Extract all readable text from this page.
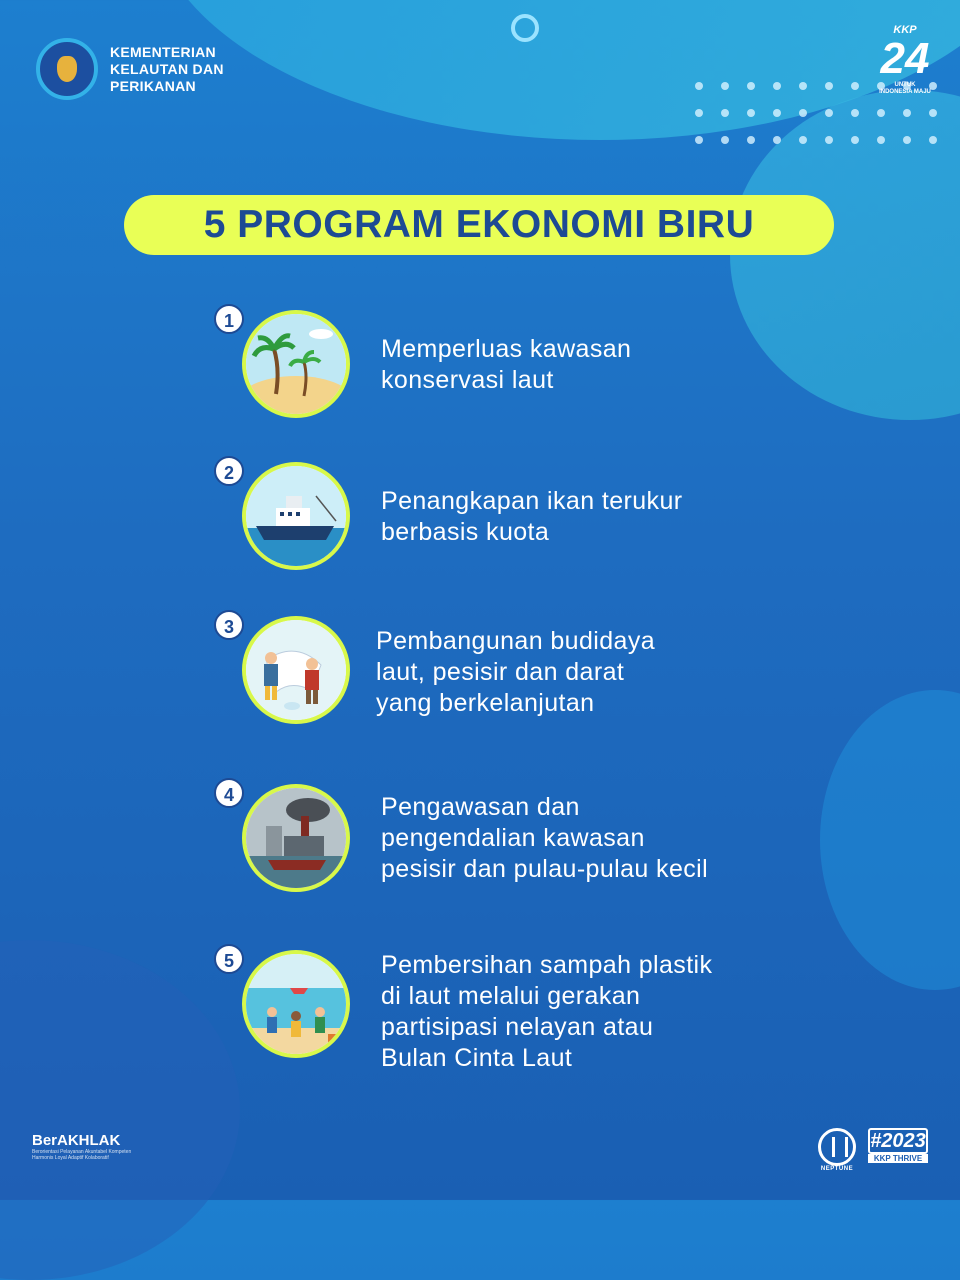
KEMENTERIAN
KELAUTAN DAN
PERIKANAN
KKP
24
UNTUK
INDONESIA MAJU
5 PROGRAM EKONOMI BIRU
1
Memperluas kawasan
konservasi laut
2
Penangkapan ikan terukur
berbasis kuota
3	Pembangunan budidaya
laut, pesisir dan darat
yang berkelanjutan
4	Pengawasan dan
pengendalian kawasan
pesisir dan pulau-pulau kecil
5	Pembersihan sampah plastik
di laut melalui gerakan
partisipasi nelayan atau
Bulan Cinta Laut
BerAKHLAK
Berorientasi Pelayanan Akuntabel Kompeten Harmonis Loyal Adaptif Kolaboratif
NEPTUNE
#2023
KKP THRIVE
